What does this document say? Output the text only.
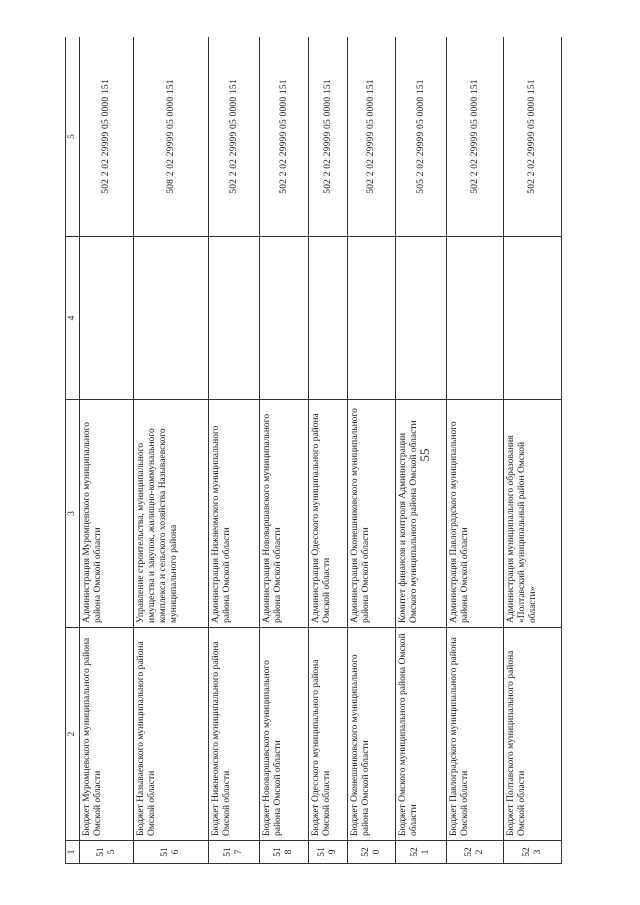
55
1	2	3	4	5
515	Бюджет Муромцевского муниципального района Омской области	Администрация Муромцевского муниципального района Омской области		502 2 02 29999 05 0000 151
516	Бюджет Называевского муниципального района Омской области	Управление строительства, муниципального имущества и закупок, жилищно-коммунального комплекса и сельского хозяйства Называевского муниципального района		508 2 02 29999 05 0000 151
517	Бюджет Нижнеомского муниципального района Омской области	Администрация Нижнеомского муниципального района Омской области		502 2 02 29999 05 0000 151
518	Бюджет Нововаршавского муниципального района Омской области	Администрация Нововаршавского муниципального района Омской области		502 2 02 29999 05 0000 151
519	Бюджет Одесского муниципального района Омской области	Администрация Одесского муниципального района Омской области		502 2 02 29999 05 0000 151
520	Бюджет Оконешниковского муниципального района Омской области	Администрация Оконешниковского муниципального района Омской области		502 2 02 29999 05 0000 151
521	Бюджет Омского муниципального района Омской области	Комитет финансов и контроля Администрации Омского муниципального района Омской области		505 2 02 29999 05 0000 151
522	Бюджет Павлоградского муниципального района Омской области	Администрация Павлоградского муниципального района Омской области		502 2 02 29999 05 0000 151
523	Бюджет Полтавского муниципального района Омской области	Администрация муниципального образования «Полтавский муниципальный район Омской области»		502 2 02 29999 05 0000 151
